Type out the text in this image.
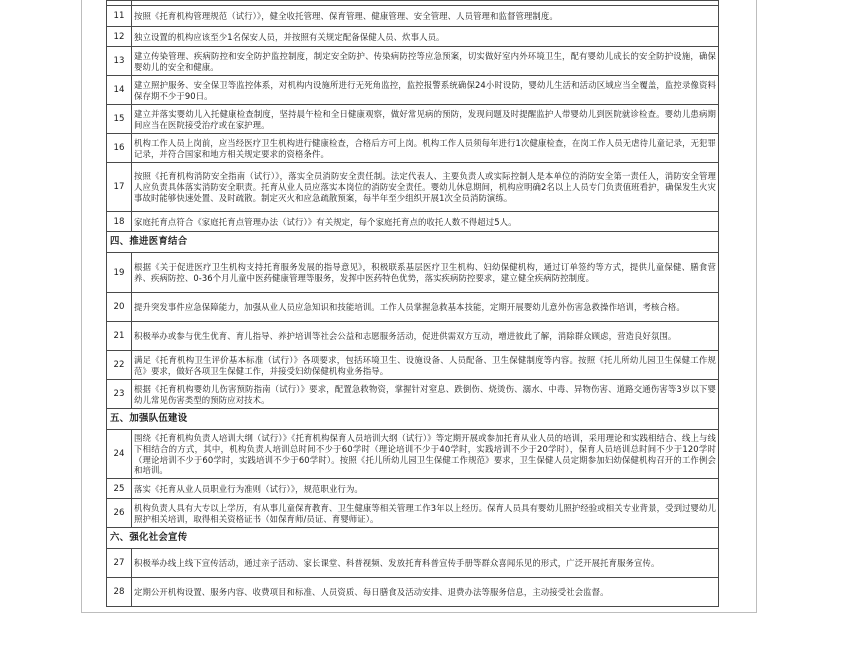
11	按照《托育机构管理规范（试行）》，健全收托管理、保育管理、健康管理、安全管理、人员管理和监督管理制度。
12	独立设置的机构应该至少1名保安人员，并按照有关规定配备保健人员、炊事人员。
13	建立传染管理、疾病防控和安全防护监控制度，制定安全防护、传染病防控等应急预案，切实做好室内外环境卫生，配有婴幼儿成长的安全防护设施，确保婴幼儿的安全和健康。
14	建立照护服务、安全保卫等监控体系，对机构内设施所进行无死角监控，监控报警系统确保24小时设防，婴幼儿生活和活动区域应当全覆盖，监控录像资料保存期不少于90日。
15	建立并落实婴幼儿入托健康检查制度，坚持晨午检和全日健康观察，做好常见病的预防，发现问题及时提醒监护人带婴幼儿到医院就诊检查。婴幼儿患病期间应当在医院接受治疗或在家护理。
16	机构工作人员上岗前，应当经医疗卫生机构进行健康检查，合格后方可上岗。机构工作人员须每年进行1次健康检查，在岗工作人员无虐待儿童记录，无犯罪记录，并符合国家和地方相关规定要求的资格条件。
17	按照《托育机构消防安全指南（试行）》，落实全员消防安全责任制。法定代表人、主要负责人或实际控制人是本单位的消防安全第一责任人，消防安全管理人应负责具体落实消防安全职责。托育从业人员应落实本岗位的消防安全责任。婴幼儿休息期间，机构应明确2名以上人员专门负责值班看护，确保发生火灾事故时能够快速处置、及时疏散。制定灭火和应急疏散预案，每半年至少组织开展1次全员消防演练。
18	家庭托育点符合《家庭托育点管理办法（试行）》有关规定，每个家庭托育点的收托人数不得超过5人。
四、推进医育结合	
19	根据《关于促进医疗卫生机构支持托育服务发展的指导意见》，积极联系基层医疗卫生机构、妇幼保健机构，通过订单签约等方式，提供儿童保健、膳食营养、疾病防控、0-36个月儿童中医药健康管理等服务，发挥中医药特色优势，落实疾病防控要求，建立健全疾病防控制度。
20	提升突发事件应急保障能力，加强从业人员应急知识和技能培训。工作人员掌握急救基本技能，定期开展婴幼儿意外伤害急救操作培训，考核合格。
21	积极举办或参与优生优育、育儿指导、养护培训等社会公益和志愿服务活动，促进供需双方互动，增进彼此了解，消除群众顾虑，营造良好氛围。
22	满足《托育机构卫生评价基本标准（试行）》各项要求，包括环境卫生、设施设备、人员配备、卫生保健制度等内容。按照《托儿所幼儿园卫生保健工作规范》要求，做好各项卫生保健工作，并接受妇幼保健机构业务指导。
23	根据《托育机构婴幼儿伤害预防指南（试行）》要求，配置急救物资，掌握针对窒息、跌倒伤、烧烫伤、溺水、中毒、异物伤害、道路交通伤害等3岁以下婴幼儿常见伤害类型的预防应对技术。
五、加强队伍建设	
24	围绕《托育机构负责人培训大纲（试行）》《托育机构保育人员培训大纲（试行）》等定期开展或参加托育从业人员的培训，采用理论和实践相结合、线上与线下相结合的方式，其中，机构负责人培训总时间不少于60学时（理论培训不少于40学时，实践培训不少于20学时），保育人员培训总时间不少于120学时（理论培训不少于60学时，实践培训不少于60学时）。按照《托儿所幼儿园卫生保健工作规范》要求，卫生保健人员定期参加妇幼保健机构召开的工作例会和培训。
25	落实《托育从业人员职业行为准则（试行）》，规范职业行为。
26	机构负责人具有大专以上学历，有从事儿童保育教育、卫生健康等相关管理工作3年以上经历。保育人员具有婴幼儿照护经验或相关专业背景，受到过婴幼儿照护相关培训，取得相关资格证书（如保育师/员证、育婴师证）。
六、强化社会宣传	
27	积极举办线上线下宣传活动，通过亲子活动、家长课堂、科普视频、发放托育科普宣传手册等群众喜闻乐见的形式，广泛开展托育服务宣传。
28	定期公开机构设置、服务内容、收费项目和标准、人员资质、每日膳食及活动安排、退费办法等服务信息，主动接受社会监督。
